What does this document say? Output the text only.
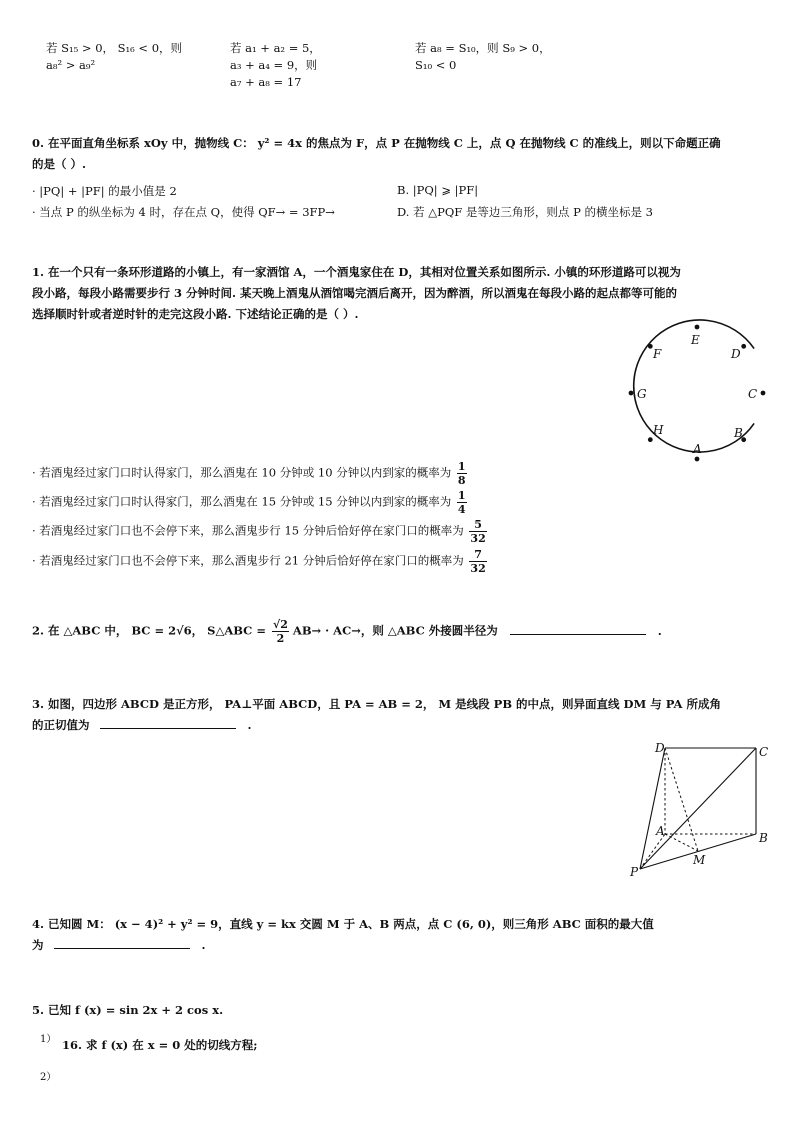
若 S₁₅ > 0， S₁₆ < 0，则
a₈² > a₉²
若 a₁ + a₂ = 5，
a₃ + a₄ = 9，则
a₇ + a₈ = 17
若 a₈ = S₁₀，则 S₉ > 0，
S₁₀ < 0
0. 在平面直角坐标系 xOy 中，抛物线 C： y² = 4x 的焦点为 F，点 P 在抛物线 C 上，点 Q 在抛物线 C 的准线上，则以下命题正确
的是（ ）.
· |PQ| + |PF| 的最小值是 2	B. |PQ| ⩾ |PF|
· 当点 P 的纵坐标为 4 时，存在点 Q，使得 QF→ = 3FP→	D. 若 △PQF 是等边三角形，则点 P 的横坐标是 3
1. 在一个只有一条环形道路的小镇上，有一家酒馆 A，一个酒鬼家住在 D，其相对位置关系如图所示. 小镇的环形道路可以视为
段小路，每段小路需要步行 3 分钟时间. 某天晚上酒鬼从酒馆喝完酒后离开，因为醉酒，所以酒鬼在每段小路的起点都等可能的
选择顺时针或者逆时针的走完这段小路. 下述结论正确的是（ ）.
E
D
F
G	C
H	B
A
· 若酒鬼经过家门口时认得家门，那么酒鬼在 10 分钟或 10 分钟以内到家的概率为 $\frac{1}{8}$
· 若酒鬼经过家门口时认得家门，那么酒鬼在 15 分钟或 15 分钟以内到家的概率为 $\frac{1}{4}$
· 若酒鬼经过家门口也不会停下来，那么酒鬼步行 15 分钟后恰好停在家门口的概率为 $\frac{5}{32}$
· 若酒鬼经过家门口也不会停下来，那么酒鬼步行 21 分钟后恰好停在家门口的概率为 $\frac{7}{32}$
2. 在 △ABC 中， BC = 2√6， S△ABC = $\frac{√2}{2} AB\to \cdot AC\to$，则 △ABC 外接圆半径为	.
3. 如图，四边形 ABCD 是正方形， PA⊥平面 ABCD，且 PA = AB = 2， M 是线段 PB 的中点，则异面直线 DM 与 PA 所成角
的正切值为	.
D	C
A	B
M
P
4. 已知圆 M： (x − 4)² + y² = 9，直线 y = kx 交圆 M 于 A、B 两点，点 C (6, 0)，则三角形 ABC 面积的最大值
为	.
5. 已知 f (x) = sin 2x + 2 cos x.
1） 16. 求 f (x) 在 x = 0 处的切线方程;
2）
